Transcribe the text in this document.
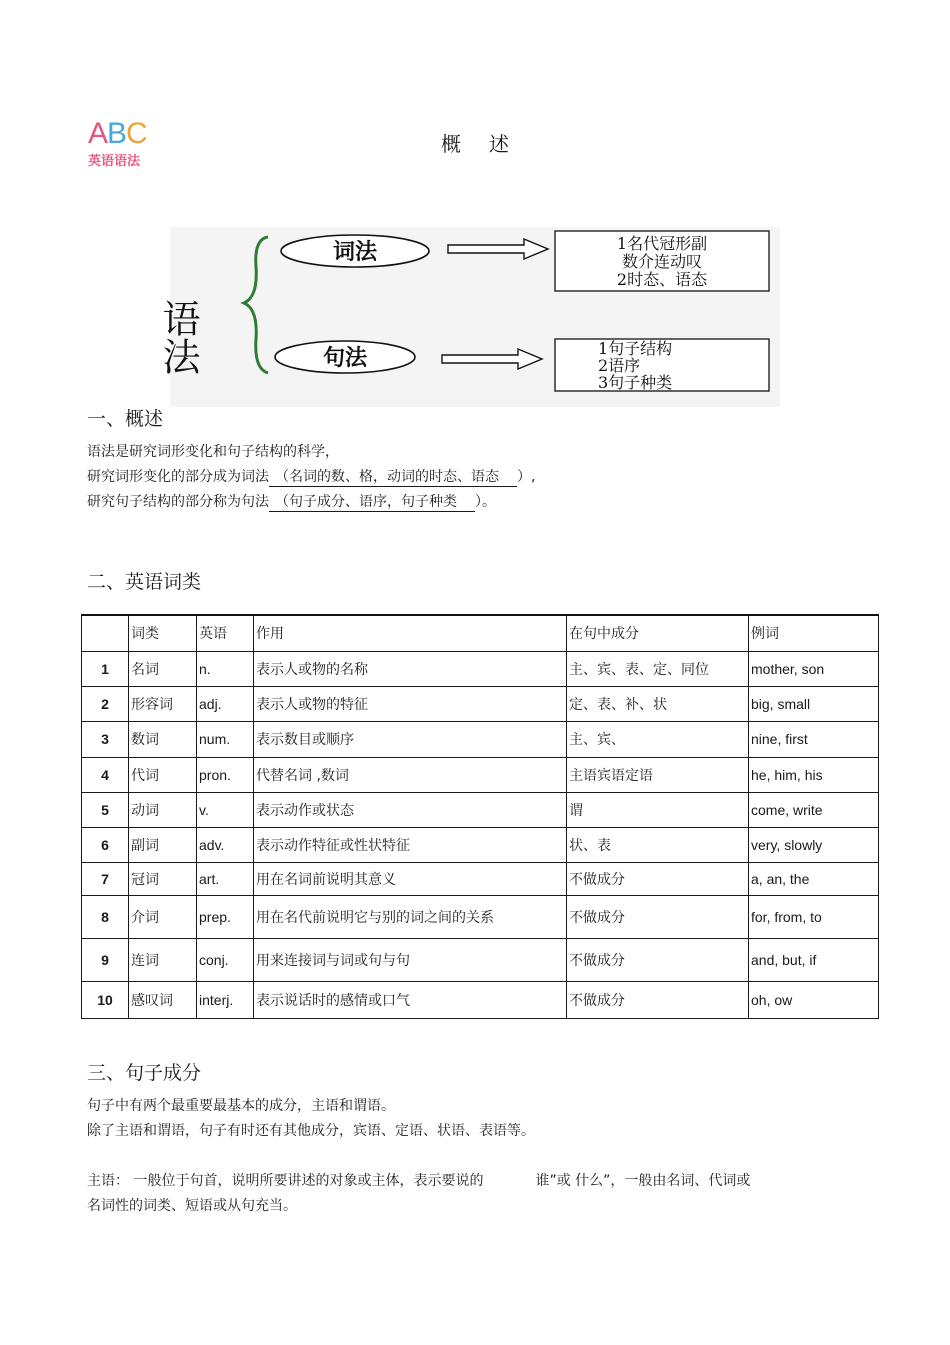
ABC
英语语法
概述
语法
词法	1名代冠形副
数介连动叹
2时态、语态
句法	1句子结构
2语序
3句子种类
一、概述
语法是研究词形变化和句子结构的科学，
研究词形变化的部分成为词法 （名词的数、格，动词的时态、语态 ）,
研究句子结构的部分称为句法 （句子成分、语序，句子种类 ）。
二、英语词类
	词类	英语	作用	在句中成分	例词
1	名词	n.	表示人或物的名称	主、宾、表、定、同位	mother, son
2	形容词	adj.	表示人或物的特征	定、表、补、状	big, small
3	数词	num.	表示数目或顺序	主、宾、	nine, first
4	代词	pron.	代替名词 ,数词	主语宾语定语	he, him, his
5	动词	v.	表示动作或状态	谓	come, write
6	副词	adv.	表示动作特征或性状特征	状、表	very, slowly
7	冠词	art.	用在名词前说明其意义	不做成分	a, an, the
8	介词	prep.	用在名代前说明它与别的词之间的关系	不做成分	for, from, to
9	连词	conj.	用来连接词与词或句与句	不做成分	and, but, if
10	感叹词	interj.	表示说话时的感情或口气	不做成分	oh, ow
三、句子成分
句子中有两个最重要最基本的成分，主语和谓语。
除了主语和谓语，句子有时还有其他成分，宾语、定语、状语、表语等。
主语： 一般位于句首，说明所要讲述的对象或主体，表示要说的	谁”或 什么”，一般由名词、代词或
名词性的词类、短语或从句充当。
